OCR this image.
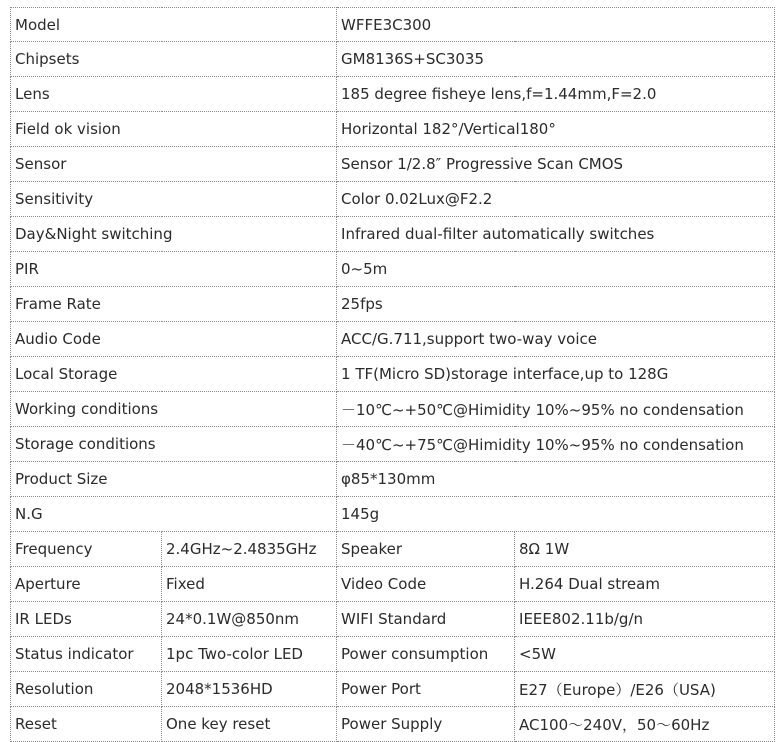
Model		WFFE3C300	
Chipsets		GM8136S+SC3035	
Lens		185 degree fisheye lens,f=1.44mm,F=2.0	
Field ok vision		Horizontal 182°/Vertical180°	
Sensor		Sensor 1/2.8″ Progressive Scan CMOS	
Sensitivity		Color 0.02Lux@F2.2	
Day&Night switching		Infrared dual-filter automatically switches	
PIR		0~5m	
Frame Rate		25fps	
Audio Code		ACC/G.711,support two-way voice	
Local Storage		1 TF(Micro SD)storage interface,up to 128G	
Working conditions		－10℃~+50℃@Himidity 10%~95% no condensation	
Storage conditions		－40℃~+75℃@Himidity 10%~95% no condensation	
Product Size		φ85*130mm	
N.G		145g	
Frequency	2.4GHz~2.4835GHz	Speaker	8Ω 1W
Aperture	Fixed	Video Code	H.264 Dual stream
IR LEDs	24*0.1W@850nm	WIFI Standard	IEEE802.11b/g/n
Status indicator	1pc Two-color LED	Power consumption	<5W
Resolution	2048*1536HD	Power Port	E27（Europe）/E26（USA)
Reset	One key reset	Power Supply	AC100～240V，50～60Hz
